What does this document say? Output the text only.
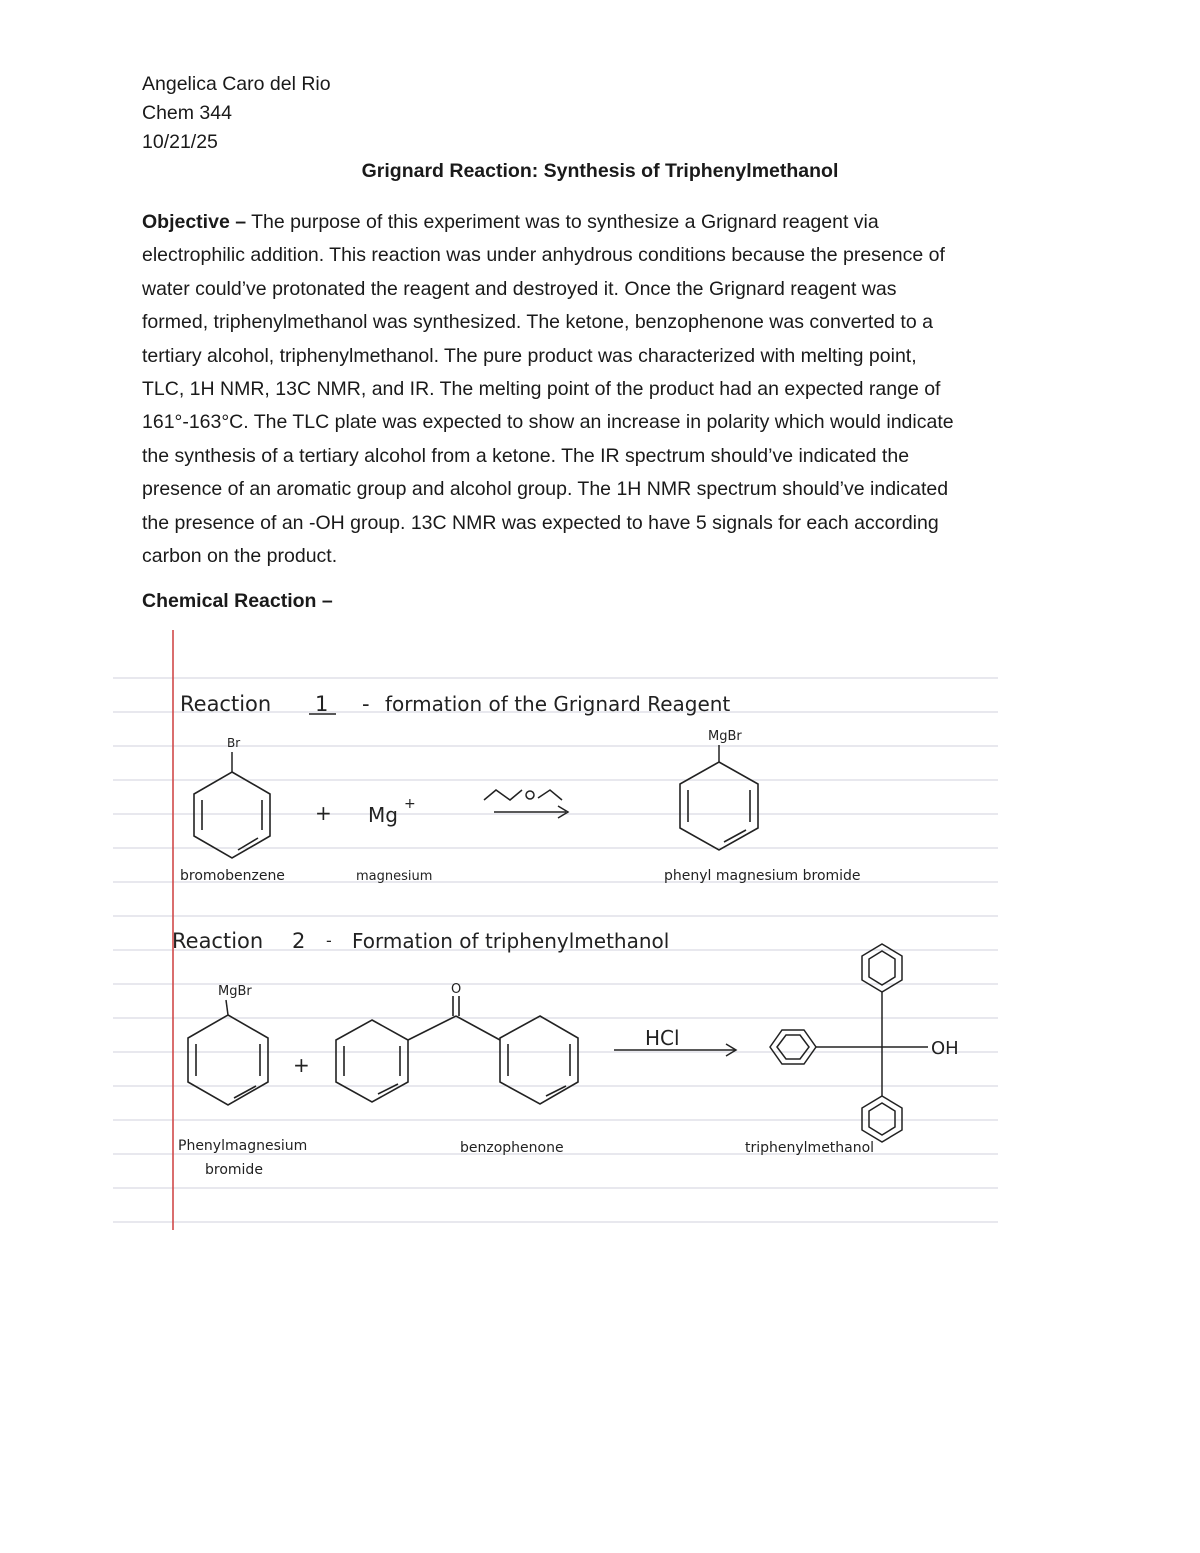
Angelica Caro del Rio
Chem 344
10/21/25
Grignard Reaction: Synthesis of Triphenylmethanol
Objective – The purpose of this experiment was to synthesize a Grignard reagent via
electrophilic addition. This reaction was under anhydrous conditions because the presence of
water could’ve protonated the reagent and destroyed it. Once the Grignard reagent was
formed, triphenylmethanol was synthesized. The ketone, benzophenone was converted to a
tertiary alcohol, triphenylmethanol. The pure product was characterized with melting point,
TLC, 1H NMR, 13C NMR, and IR. The melting point of the product had an expected range of
161°-163°C. The TLC plate was expected to show an increase in polarity which would indicate
the synthesis of a tertiary alcohol from a ketone. The IR spectrum should’ve indicated the
presence of an aromatic group and alcohol group. The 1H NMR spectrum should’ve indicated
the presence of an -OH group. 13C NMR was expected to have 5 signals for each according
carbon on the product.
Chemical Reaction –
Reaction 1 - formation of the Grignard Reagent
Br
+ Mg +
MgBr
bromobenzene	magnesium	phenyl magnesium bromide
Reaction 2 - Formation of triphenylmethanol
MgBr
+
O
HCl	OH
Phenylmagnesium
bromide
benzophenone	triphenylmethanol
